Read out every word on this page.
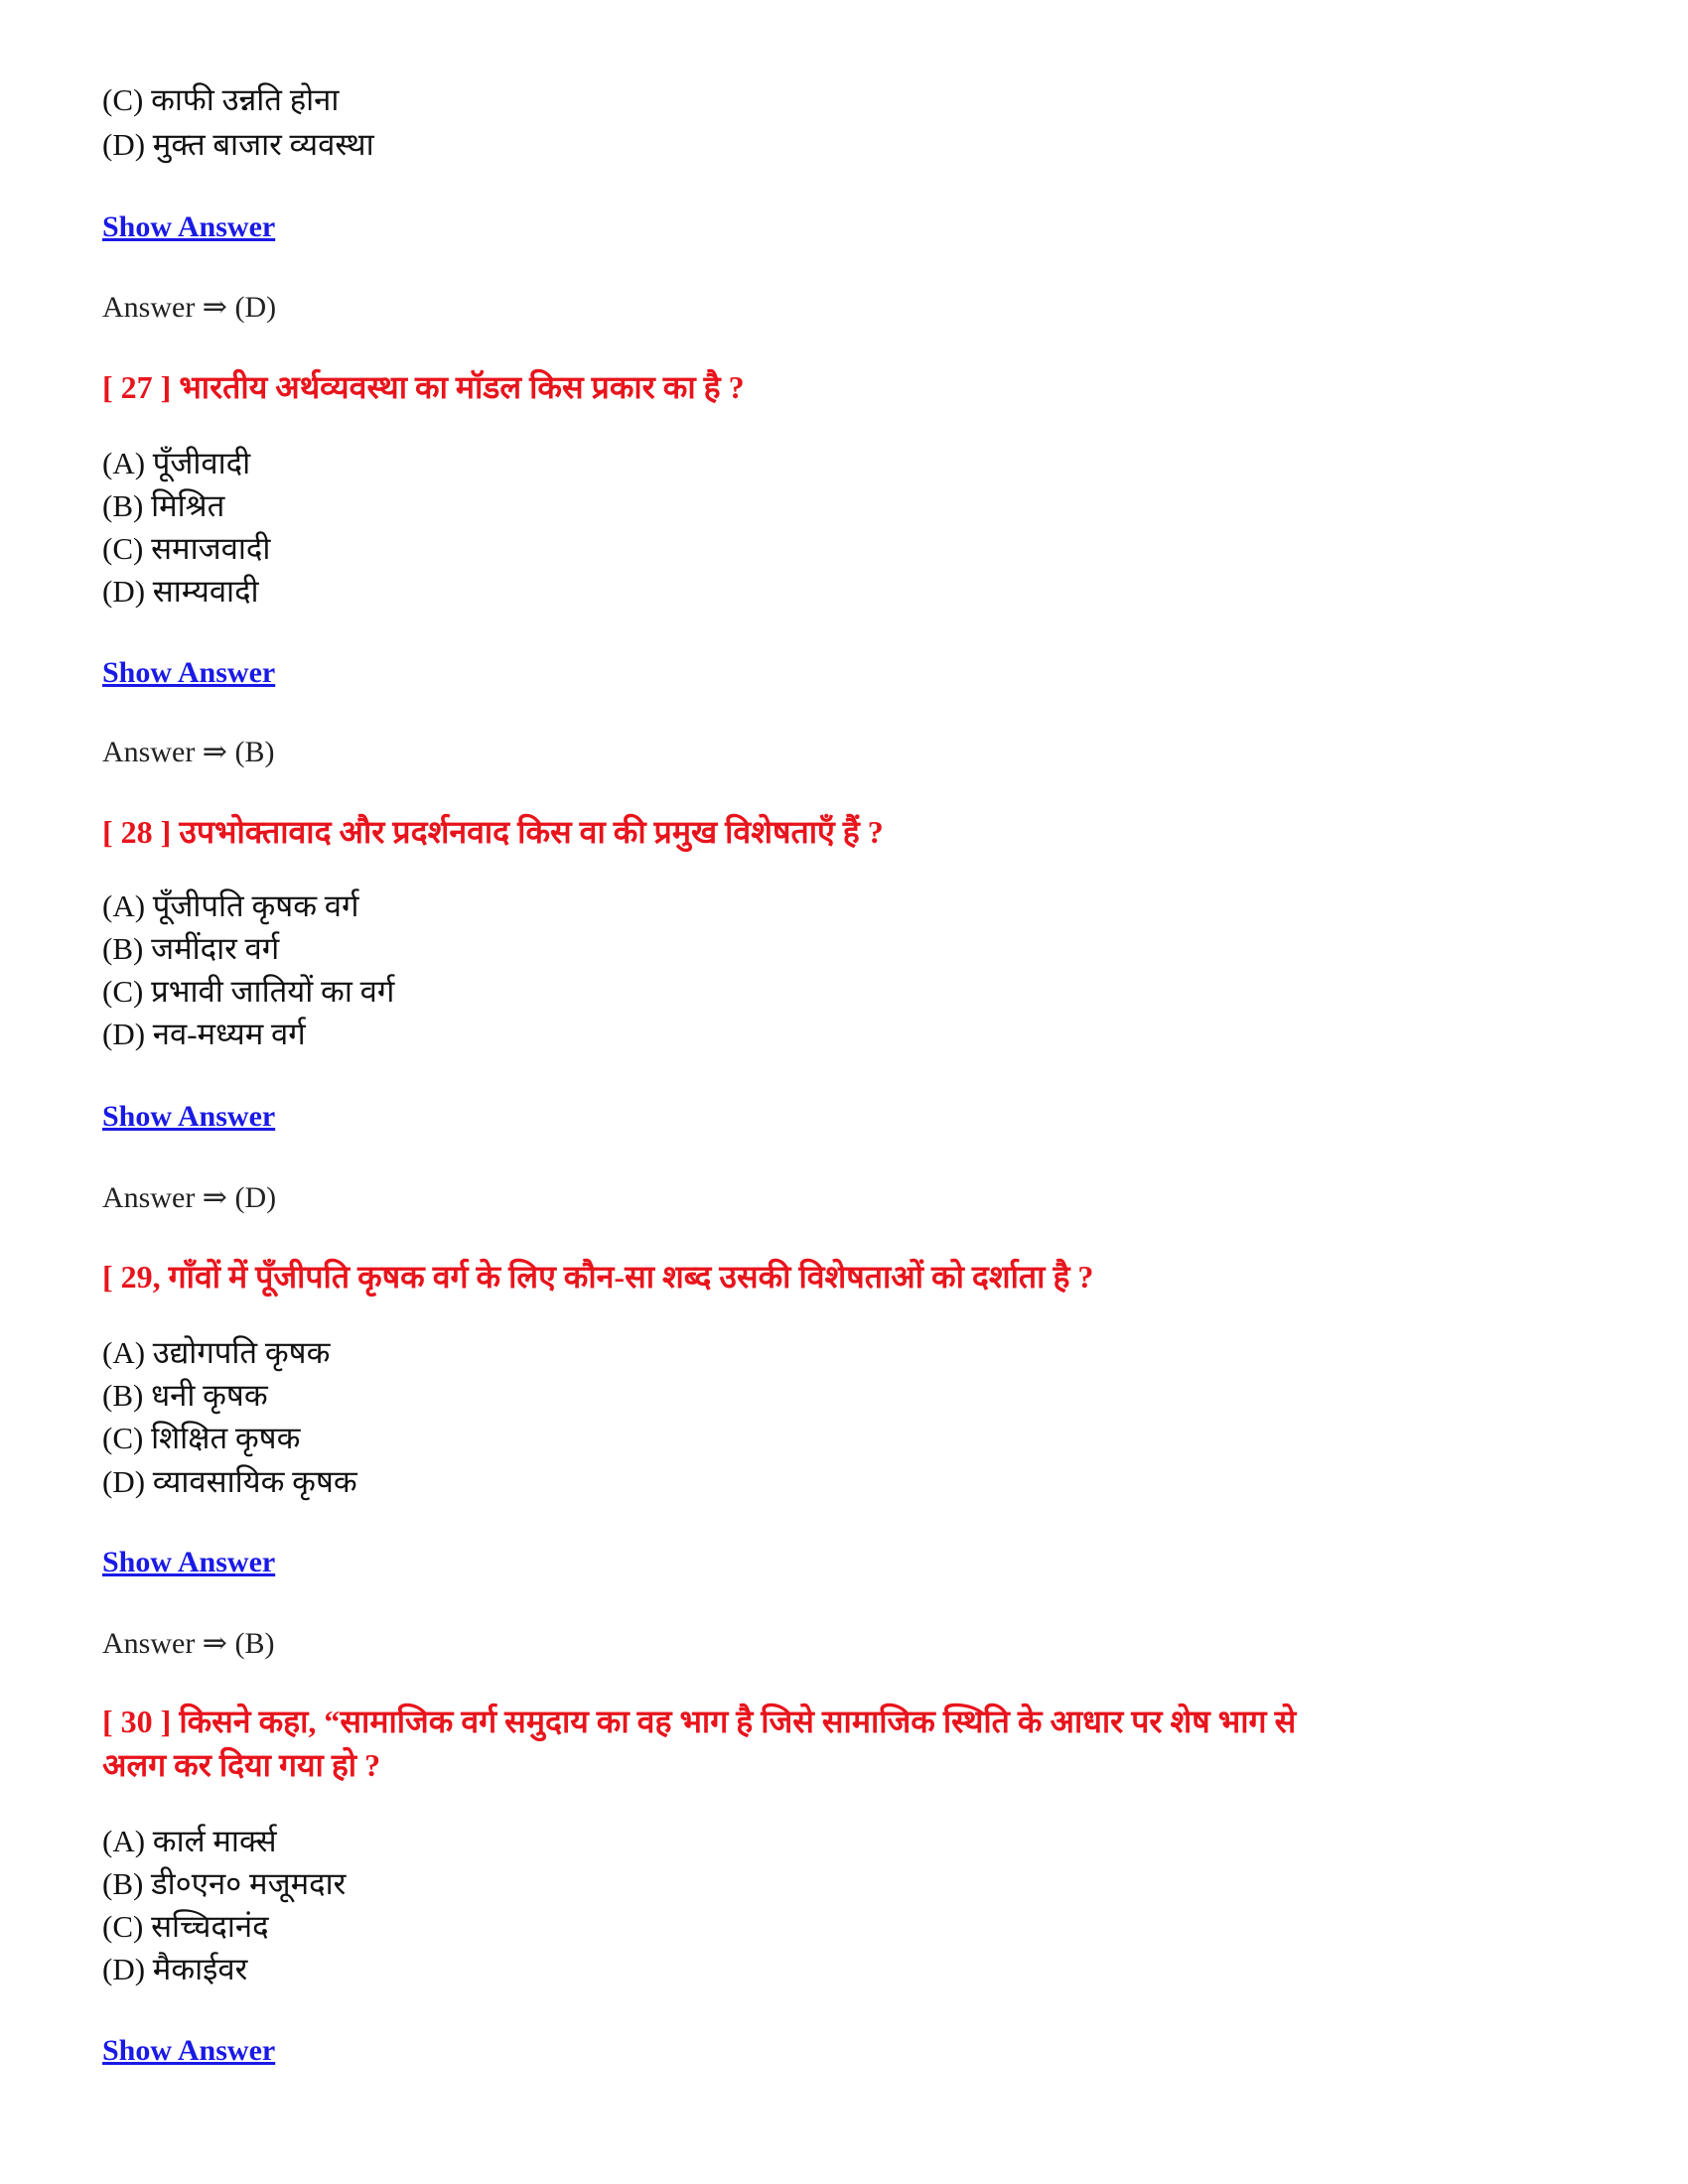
(C) काफी उन्नति होना
(D) मुक्त बाजार व्यवस्था
Show Answer
Answer ⇒ (D)
[ 27 ] भारतीय अर्थव्यवस्था का मॉडल किस प्रकार का है ?
(A) पूँजीवादी
(B) मिश्रित
(C) समाजवादी
(D) साम्यवादी
Show Answer
Answer ⇒ (B)
[ 28 ] उपभोक्तावाद और प्रदर्शनवाद किस वा की प्रमुख विशेषताएँ हैं ?
(A) पूँजीपति कृषक वर्ग
(B) जमींदार वर्ग
(C) प्रभावी जातियों का वर्ग
(D) नव-मध्यम वर्ग
Show Answer
Answer ⇒ (D)
[ 29, गाँवों में पूँजीपति कृषक वर्ग के लिए कौन-सा शब्द उसकी विशेषताओं को दर्शाता है ?
(A) उद्योगपति कृषक
(B) धनी कृषक
(C) शिक्षित कृषक
(D) व्यावसायिक कृषक
Show Answer
Answer ⇒ (B)
[ 30 ] किसने कहा, “सामाजिक वर्ग समुदाय का वह भाग है जिसे सामाजिक स्थिति के आधार पर शेष भाग से
अलग कर दिया गया हो ?
(A) कार्ल मार्क्स
(B) डी०एन० मजूमदार
(C) सच्चिदानंद
(D) मैकाईवर
Show Answer
